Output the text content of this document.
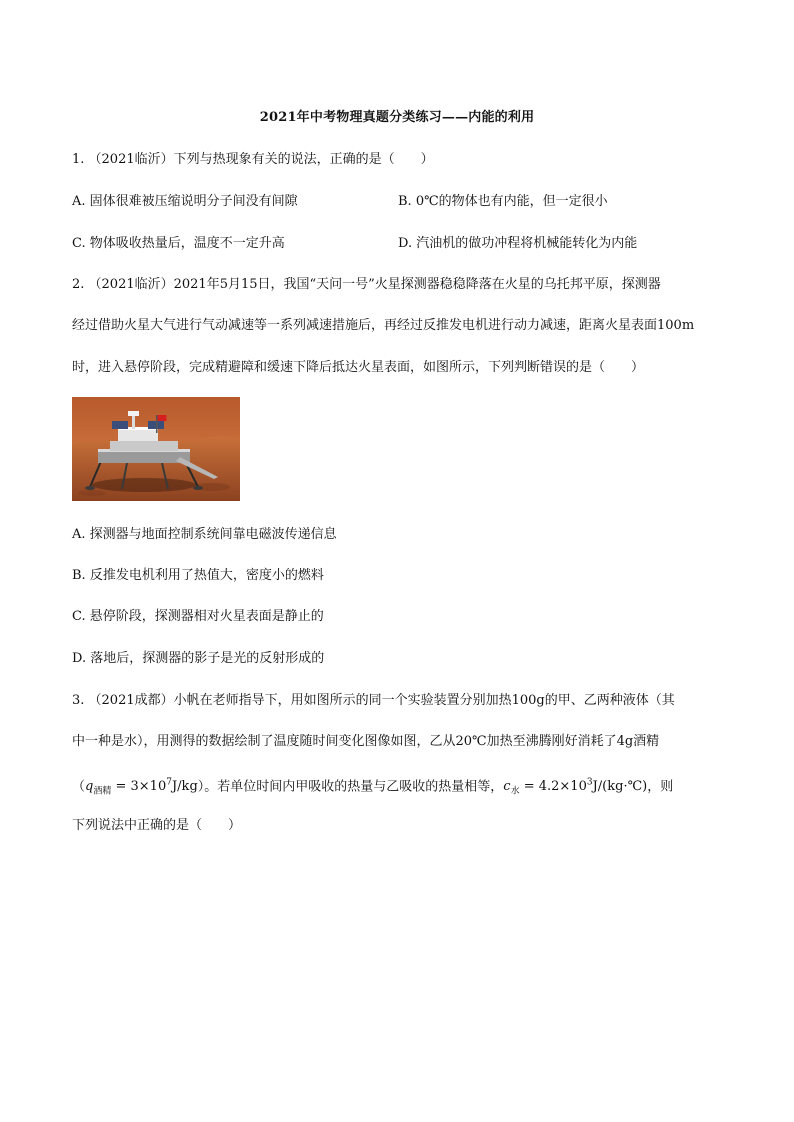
2021年中考物理真题分类练习——内能的利用
1. （2021临沂）下列与热现象有关的说法，正确的是（　　）
A. 固体很难被压缩说明分子间没有间隙	B. 0℃的物体也有内能，但一定很小
C. 物体吸收热量后，温度不一定升高	D. 汽油机的做功冲程将机械能转化为内能
2. （2021临沂）2021年5月15日，我国“天问一号”火星探测器稳稳降落在火星的乌托邦平原，探测器
经过借助火星大气进行气动减速等一系列减速措施后，再经过反推发电机进行动力减速，距离火星表面100m
时，进入悬停阶段，完成精避障和缓速下降后抵达火星表面，如图所示，下列判断错误的是（　　）
A. 探测器与地面控制系统间靠电磁波传递信息
B. 反推发电机利用了热值大，密度小的燃料
C. 悬停阶段，探测器相对火星表面是静止的
D. 落地后，探测器的影子是光的反射形成的
3. （2021成都）小帆在老师指导下，用如图所示的同一个实验装置分别加热100g的甲、乙两种液体（其
中一种是水），用测得的数据绘制了温度随时间变化图像如图，乙从20℃加热至沸腾刚好消耗了4g酒精
$(q_{酒精} = 3\times 10^7J/kg)$。若单位时间内甲吸收的热量与乙吸收的热量相等，$c_水$ = $4.2\times 10^3J/(kg\cdot℃)$，则
下列说法中正确的是（　　）
